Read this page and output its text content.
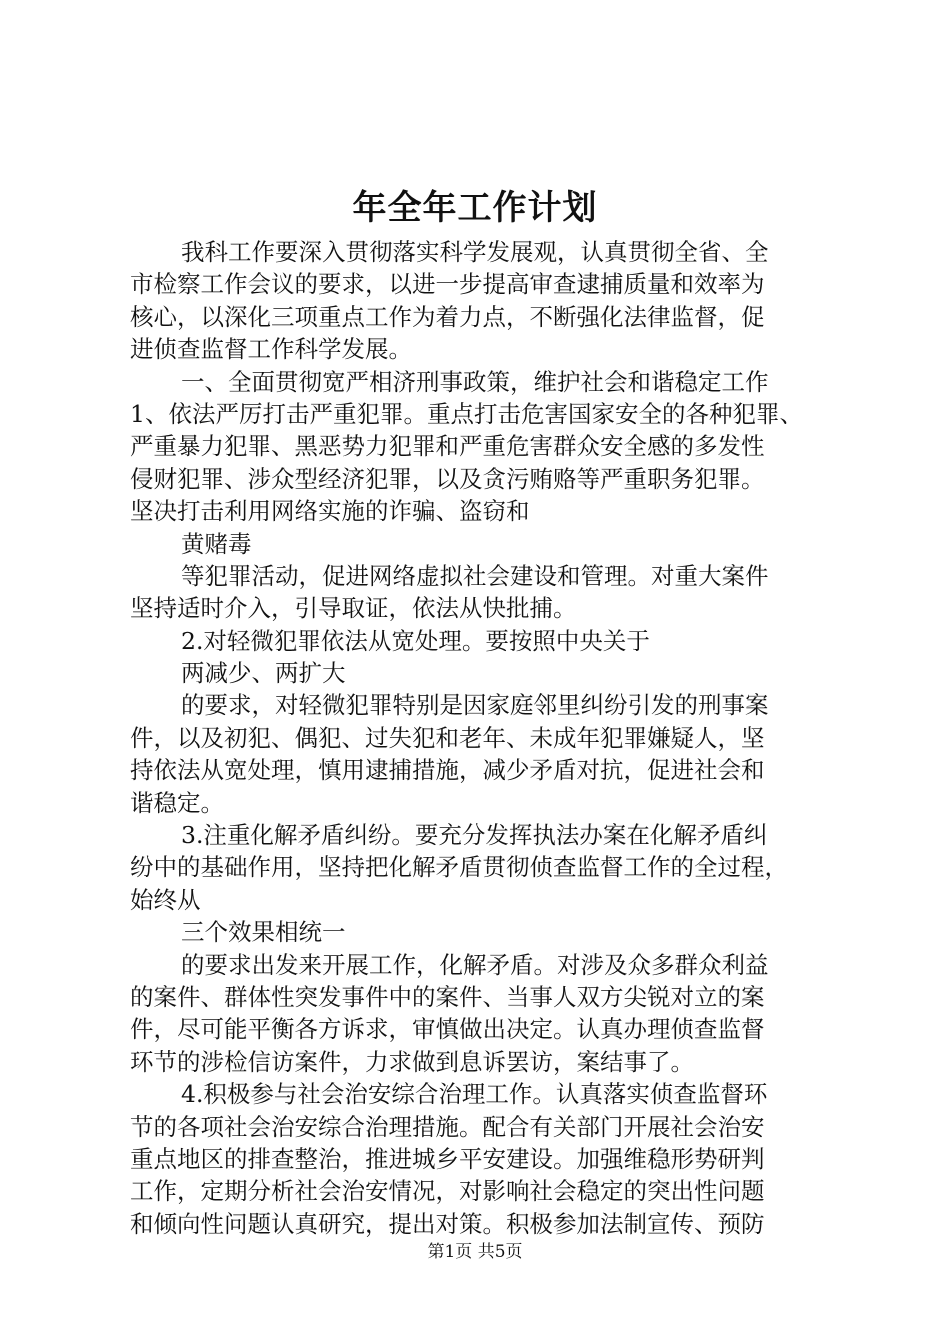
年全年工作计划
我科工作要深入贯彻落实科学发展观，认真贯彻全省、全
市检察工作会议的要求，以进一步提高审查逮捕质量和效率为
核心，以深化三项重点工作为着力点，不断强化法律监督，促
进侦查监督工作科学发展。
一、全面贯彻宽严相济刑事政策，维护社会和谐稳定工作
1、依法严厉打击严重犯罪。重点打击危害国家安全的各种犯罪、
严重暴力犯罪、黑恶势力犯罪和严重危害群众安全感的多发性
侵财犯罪、涉众型经济犯罪，以及贪污贿赂等严重职务犯罪。
坚决打击利用网络实施的诈骗、盗窃和
黄赌毒
等犯罪活动，促进网络虚拟社会建设和管理。对重大案件
坚持适时介入，引导取证，依法从快批捕。
2.对轻微犯罪依法从宽处理。要按照中央关于
两减少、两扩大
的要求，对轻微犯罪特别是因家庭邻里纠纷引发的刑事案
件，以及初犯、偶犯、过失犯和老年、未成年犯罪嫌疑人，坚
持依法从宽处理，慎用逮捕措施，减少矛盾对抗，促进社会和
谐稳定。
3.注重化解矛盾纠纷。要充分发挥执法办案在化解矛盾纠
纷中的基础作用，坚持把化解矛盾贯彻侦查监督工作的全过程，
始终从
三个效果相统一
的要求出发来开展工作，化解矛盾。对涉及众多群众利益
的案件、群体性突发事件中的案件、当事人双方尖锐对立的案
件，尽可能平衡各方诉求，审慎做出决定。认真办理侦查监督
环节的涉检信访案件，力求做到息诉罢访，案结事了。
4.积极参与社会治安综合治理工作。认真落实侦查监督环
节的各项社会治安综合治理措施。配合有关部门开展社会治安
重点地区的排查整治，推进城乡平安建设。加强维稳形势研判
工作，定期分析社会治安情况，对影响社会稳定的突出性问题
和倾向性问题认真研究，提出对策。积极参加法制宣传、预防
第1页 共5页
